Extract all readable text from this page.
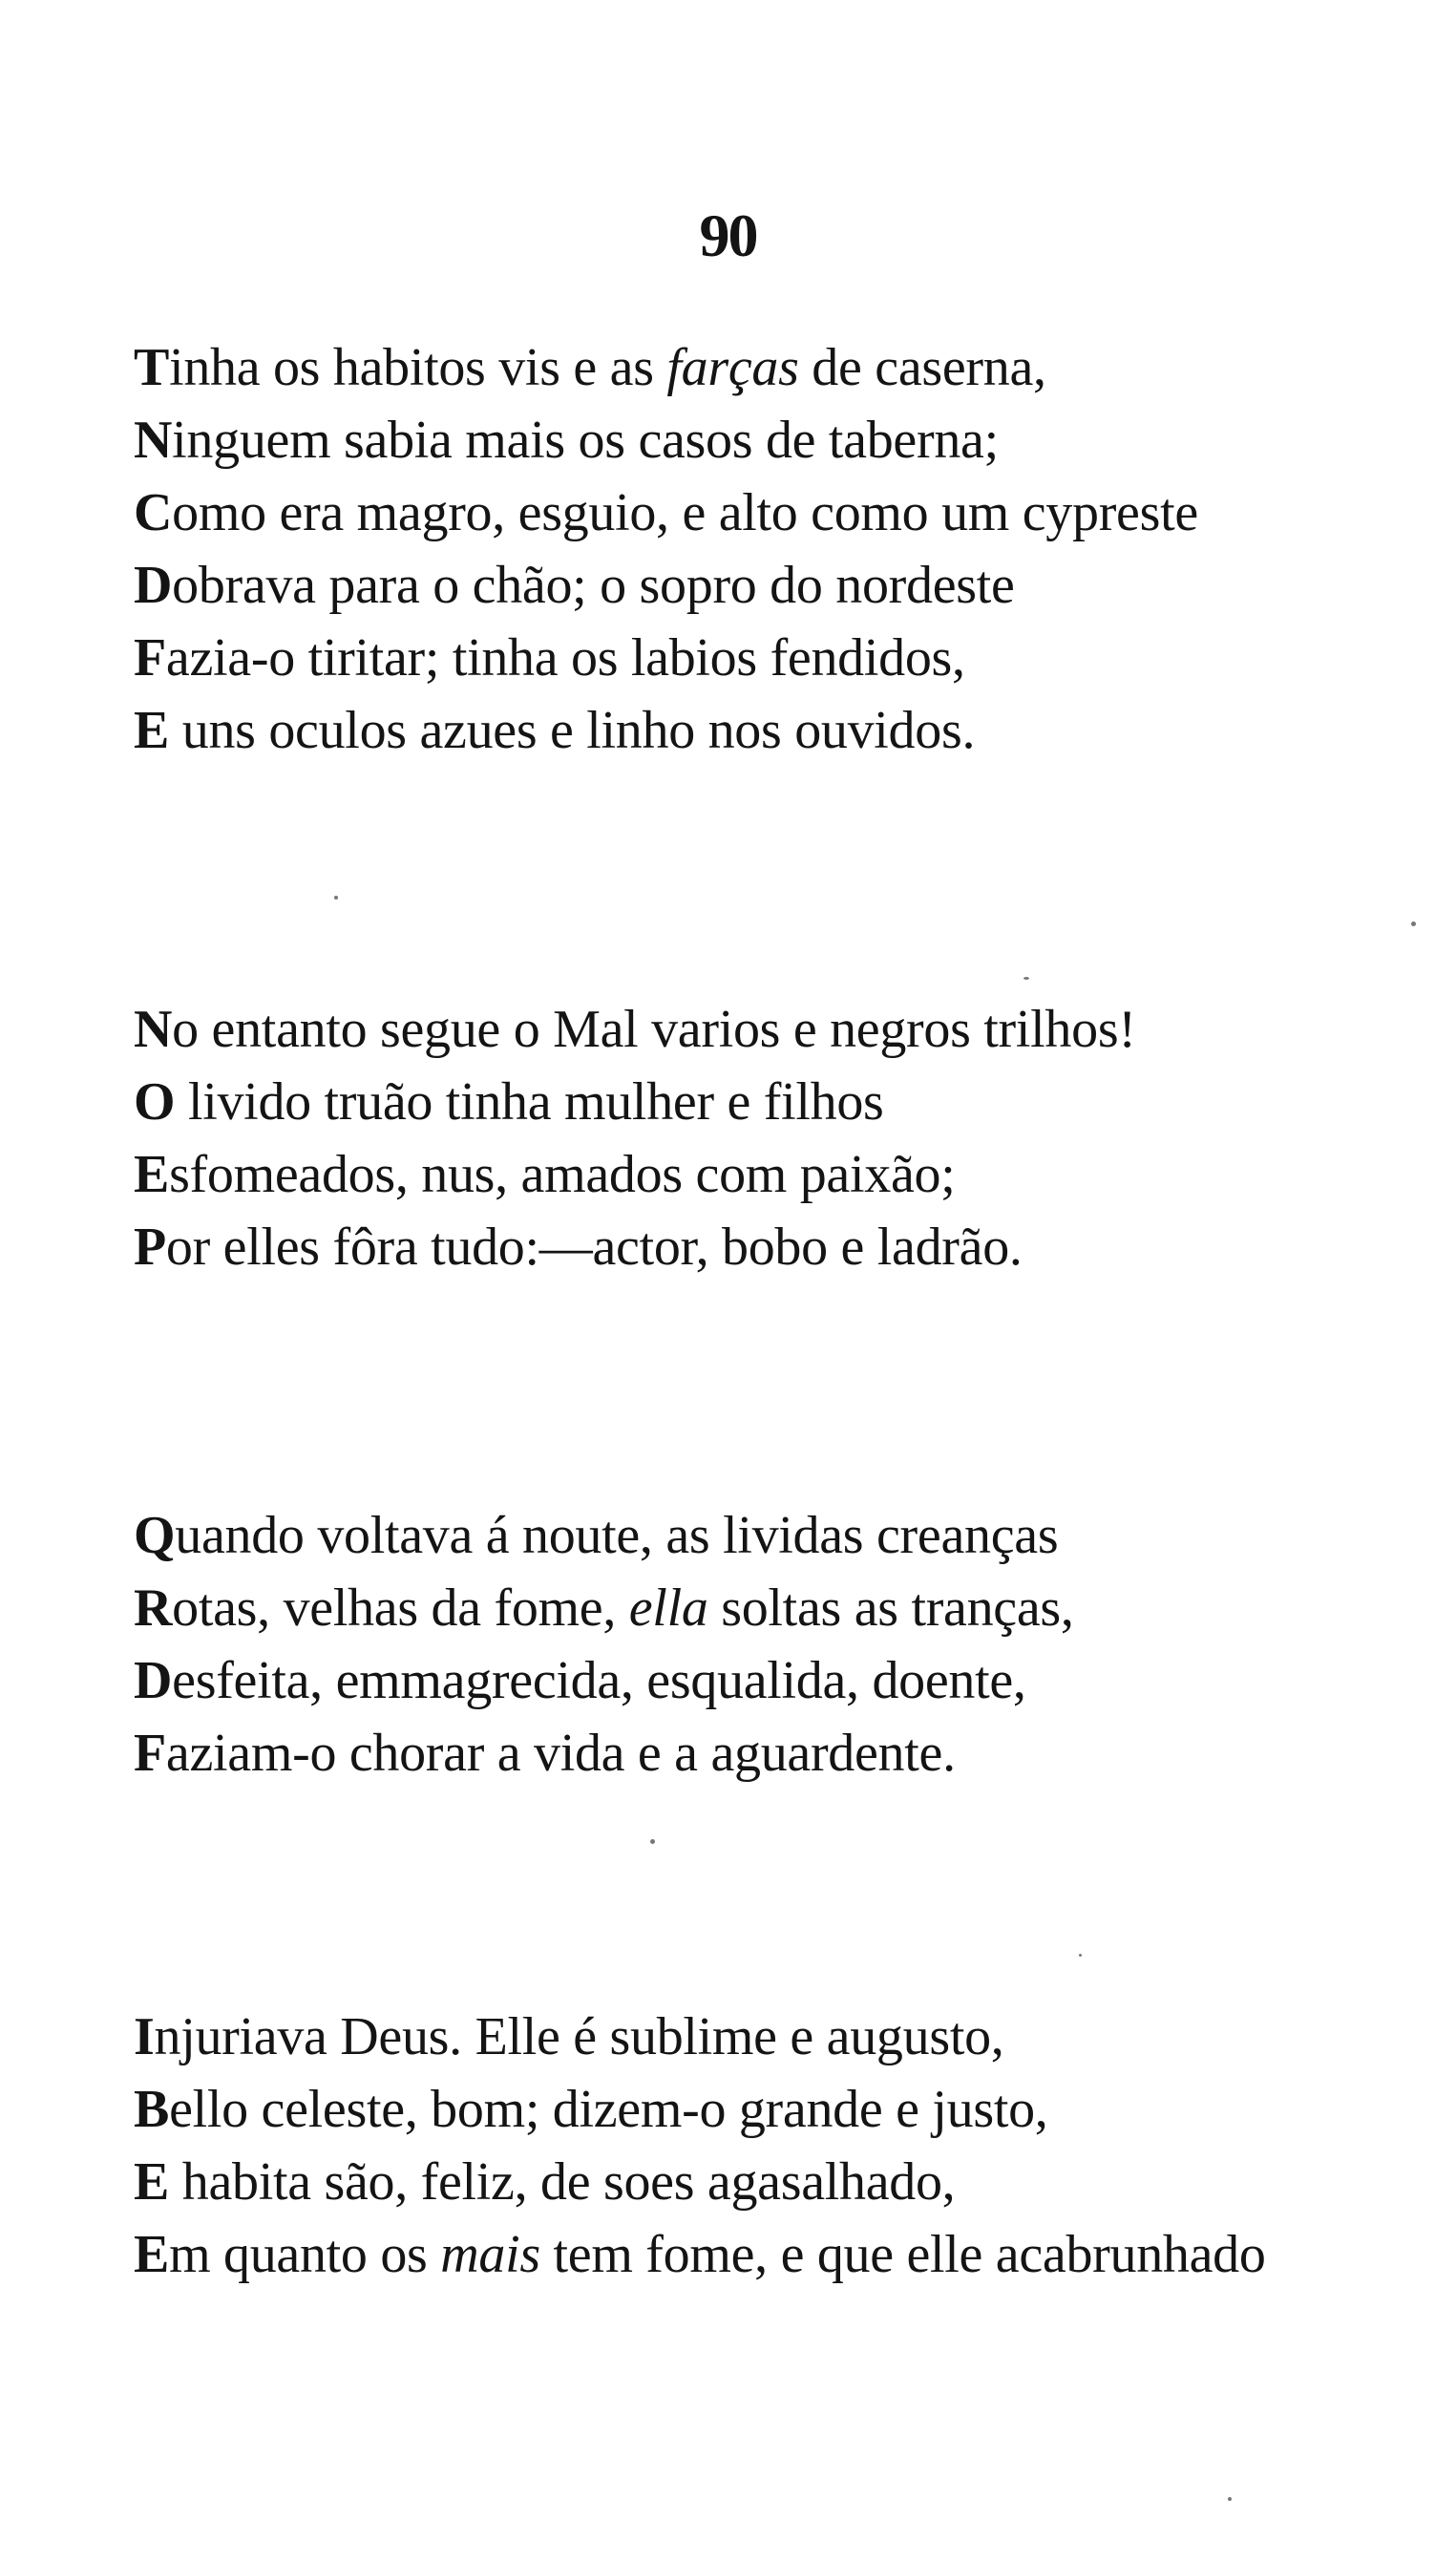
90
Tinha os habitos vis e as farças de caserna,
Ninguem sabia mais os casos de taberna;
Como era magro, esguio, e alto como um cypreste
Dobrava para o chão; o sopro do nordeste
Fazia-o tiritar; tinha os labios fendidos,
E uns oculos azues e linho nos ouvidos.
No entanto segue o Mal varios e negros trilhos!
O livido truão tinha mulher e filhos
Esfomeados, nus, amados com paixão;
Por elles fôra tudo:—actor, bobo e ladrão.
Quando voltava á noute, as lividas creanças
Rotas, velhas da fome, ella soltas as tranças,
Desfeita, emmagrecida, esqualida, doente,
Faziam-o chorar a vida e a aguardente.
Injuriava Deus. Elle é sublime e augusto,
Bello celeste, bom; dizem-o grande e justo,
E habita são, feliz, de soes agasalhado,
Em quanto os mais tem fome, e que elle acabrunhado
